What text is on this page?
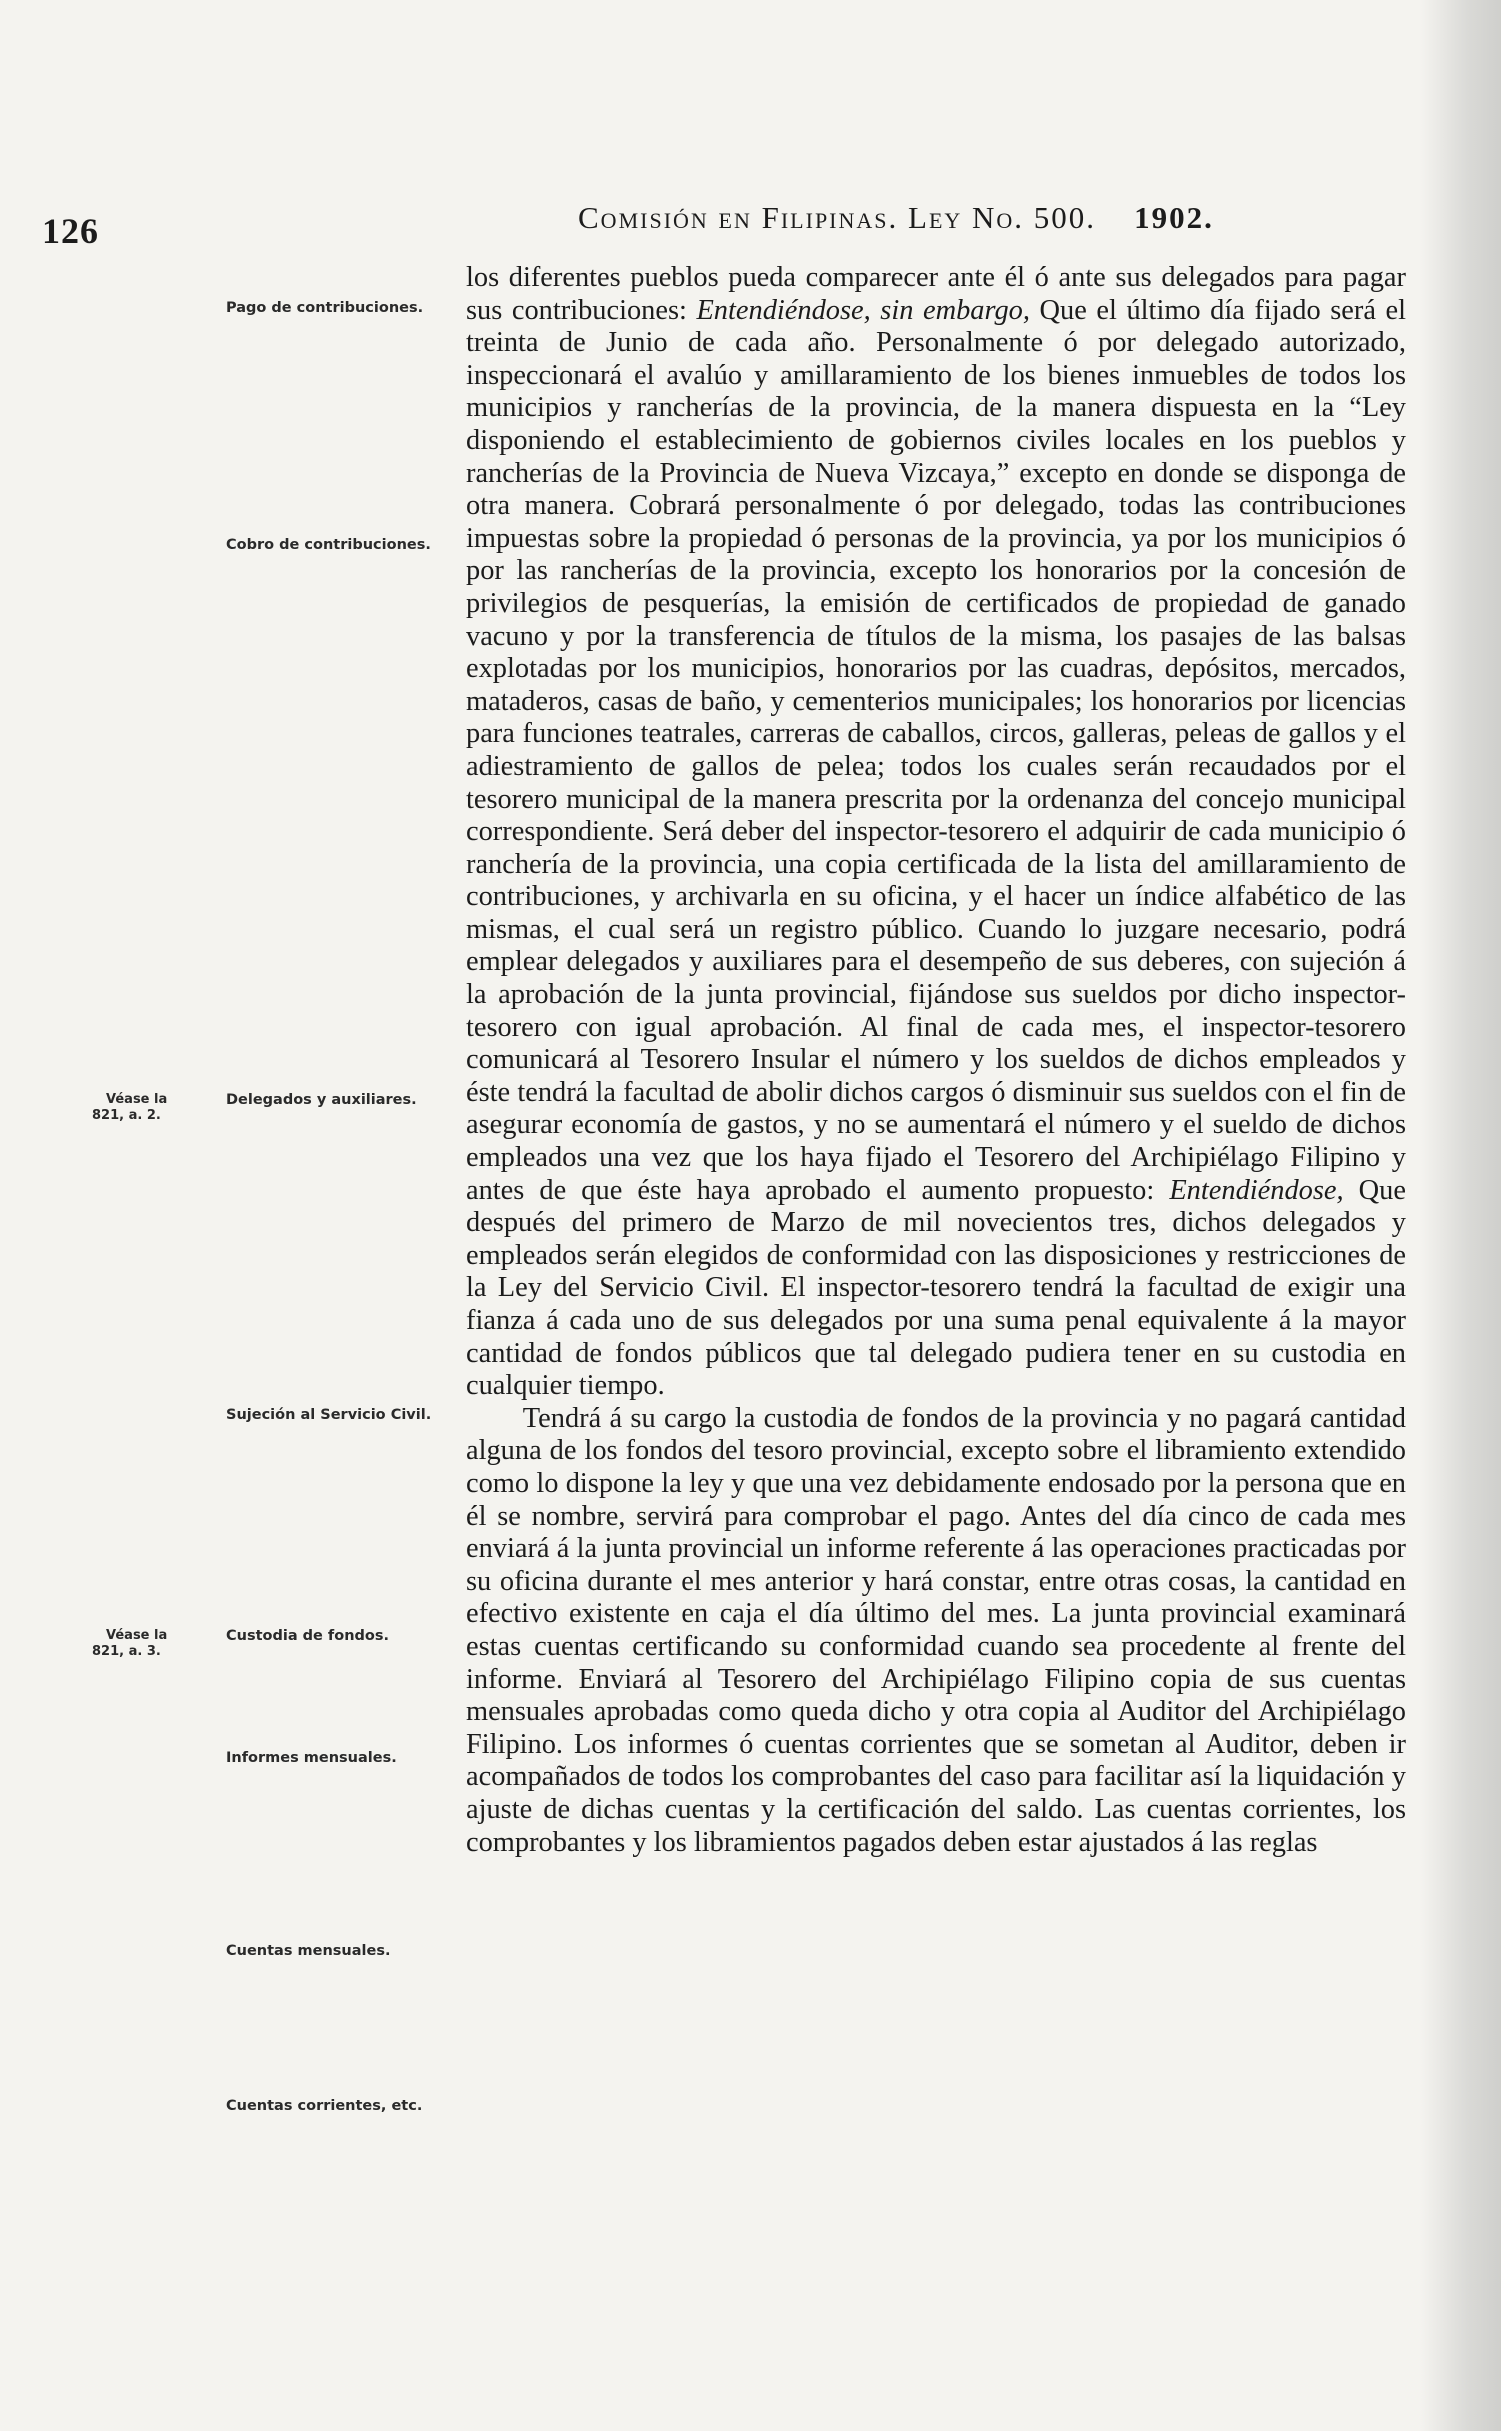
126	Comisión en Filipinas. Ley No. 500. 1902.
Pago de contribuciones.
Cobro de contribuciones.
Véase la 821, a. 2.
Delegados y auxiliares.
Sujeción al Servicio Civil.
Véase la 821, a. 3.
Custodia de fondos.
Informes mensuales.
Cuentas mensuales.
Cuentas corrientes, etc.

los diferentes pueblos pueda comparecer ante él ó ante sus delegados para pagar sus contribuciones: Entendiéndose, sin embargo, Que el último día fijado será el treinta de Junio de cada año. Personalmente ó por delegado autorizado, inspeccionará el avalúo y amillaramiento de los bienes inmuebles de todos los municipios y rancherías de la provincia, de la manera dispuesta en la “Ley disponiendo el establecimiento de gobiernos civiles locales en los pueblos y rancherías de la Provincia de Nueva Vizcaya,” excepto en donde se disponga de otra manera. Cobrará personalmente ó por delegado, todas las contribuciones impuestas sobre la propiedad ó personas de la provincia, ya por los municipios ó por las rancherías de la provincia, excepto los honorarios por la concesión de privilegios de pesquerías, la emisión de certificados de propiedad de ganado vacuno y por la transferencia de títulos de la misma, los pasajes de las balsas explotadas por los municipios, honorarios por las cuadras, depósitos, mercados, mataderos, casas de baño, y cementerios municipales; los honorarios por licencias para funciones teatrales, carreras de caballos, circos, galleras, peleas de gallos y el adiestramiento de gallos de pelea; todos los cuales serán recaudados por el tesorero municipal de la manera prescrita por la ordenanza del concejo municipal correspondiente. Será deber del inspector-tesorero el adquirir de cada municipio ó ranchería de la provincia, una copia certificada de la lista del amillaramiento de contribuciones, y archivarla en su oficina, y el hacer un índice alfabético de las mismas, el cual será un registro público. Cuando lo juzgare necesario, podrá emplear delegados y auxiliares para el desempeño de sus deberes, con sujeción á la aprobación de la junta provincial, fijándose sus sueldos por dicho inspector-tesorero con igual aprobación. Al final de cada mes, el inspector-tesorero comunicará al Tesorero Insular el número y los sueldos de dichos empleados y éste tendrá la facultad de abolir dichos cargos ó disminuir sus sueldos con el fin de asegurar economía de gastos, y no se aumentará el número y el sueldo de dichos empleados una vez que los haya fijado el Tesorero del Archipiélago Filipino y antes de que éste haya aprobado el aumento propuesto: Entendiéndose, Que después del primero de Marzo de mil novecientos tres, dichos delegados y empleados serán elegidos de conformidad con las disposiciones y restricciones de la Ley del Servicio Civil. El inspector-tesorero tendrá la facultad de exigir una fianza á cada uno de sus delegados por una suma penal equivalente á la mayor cantidad de fondos públicos que tal delegado pudiera tener en su custodia en cualquier tiempo.

Tendrá á su cargo la custodia de fondos de la provincia y no pagará cantidad alguna de los fondos del tesoro provincial, excepto sobre el libramiento extendido como lo dispone la ley y que una vez debidamente endosado por la persona que en él se nombre, servirá para comprobar el pago. Antes del día cinco de cada mes enviará á la junta provincial un informe referente á las operaciones practicadas por su oficina durante el mes anterior y hará constar, entre otras cosas, la cantidad en efectivo existente en caja el día último del mes. La junta provincial examinará estas cuentas certificando su conformidad cuando sea procedente al frente del informe. Enviará al Tesorero del Archipiélago Filipino copia de sus cuentas mensuales aprobadas como queda dicho y otra copia al Auditor del Archipiélago Filipino. Los informes ó cuentas corrientes que se sometan al Auditor, deben ir acompañados de todos los comprobantes del caso para facilitar así la liquidación y ajuste de dichas cuentas y la certificación del saldo. Las cuentas corrientes, los comprobantes y los libramientos pagados deben estar ajustados á las reglas
